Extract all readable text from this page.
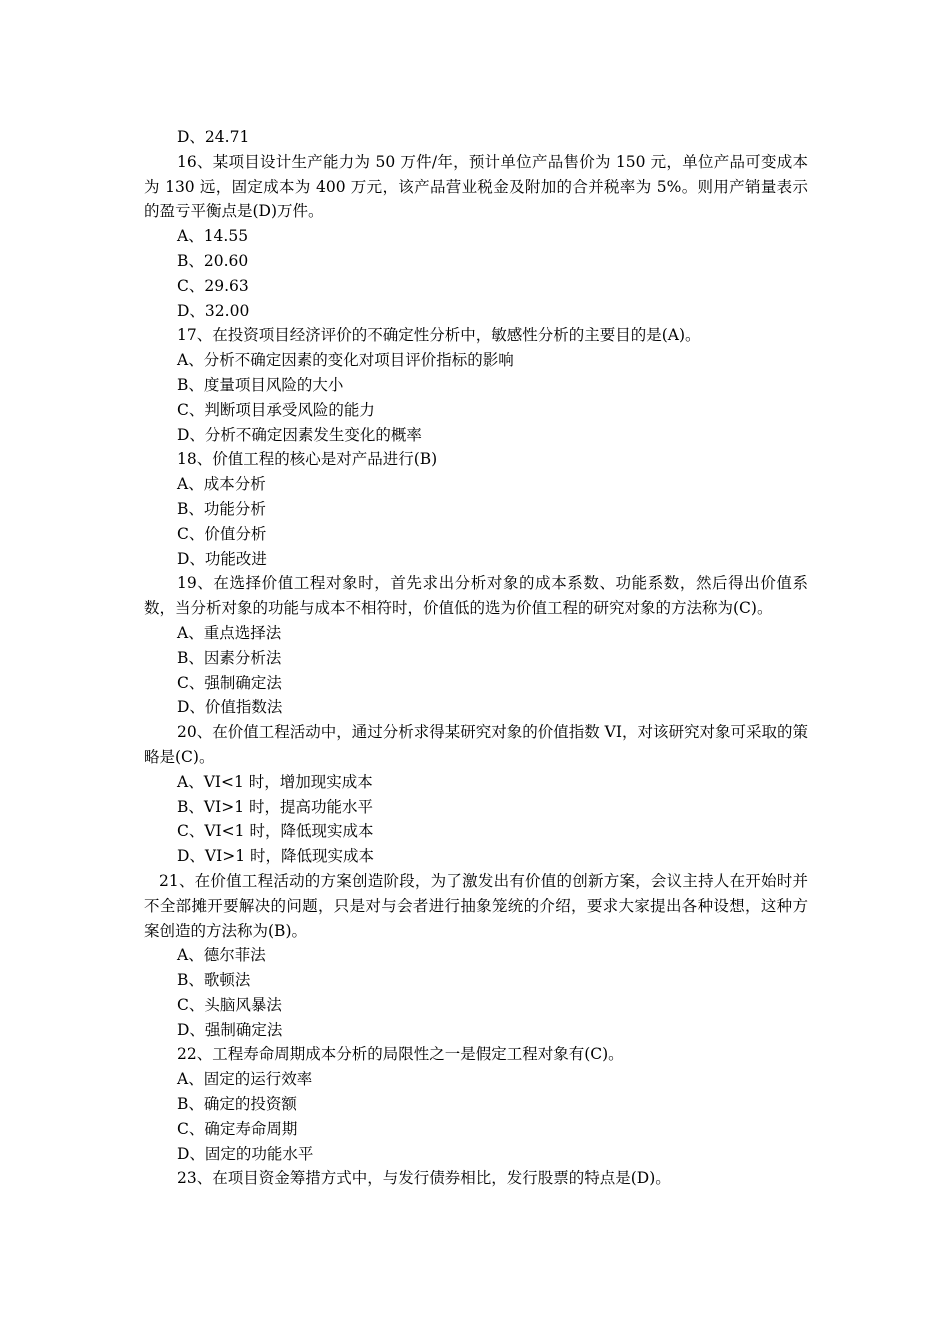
D、24.71

16、某项目设计生产能力为 50 万件/年，预计单位产品售价为 150 元，单位产品可变成本为 130 远，固定成本为 400 万元，该产品营业税金及附加的合并税率为 5%。则用产销量表示的盈亏平衡点是(D)万件。

A、14.55

B、20.60

C、29.63

D、32.00

17、在投资项目经济评价的不确定性分析中，敏感性分析的主要目的是(A)。

A、分析不确定因素的变化对项目评价指标的影响

B、度量项目风险的大小

C、判断项目承受风险的能力

D、分析不确定因素发生变化的概率

18、价值工程的核心是对产品进行(B)

A、成本分析

B、功能分析

C、价值分析

D、功能改进

19、在选择价值工程对象时，首先求出分析对象的成本系数、功能系数，然后得出价值系数，当分析对象的功能与成本不相符时，价值低的选为价值工程的研究对象的方法称为(C)。

A、重点选择法

B、因素分析法

C、强制确定法

D、价值指数法

20、在价值工程活动中，通过分析求得某研究对象的价值指数 VI，对该研究对象可采取的策略是(C)。

A、VI<1 时，增加现实成本

B、VI>1 时，提高功能水平

C、VI<1 时，降低现实成本

D、VI>1 时，降低现实成本

21、在价值工程活动的方案创造阶段，为了激发出有价值的创新方案，会议主持人在开始时并不全部摊开要解决的问题，只是对与会者进行抽象笼统的介绍，要求大家提出各种设想，这种方案创造的方法称为(B)。

A、德尔菲法

B、歌顿法

C、头脑风暴法

D、强制确定法

22、工程寿命周期成本分析的局限性之一是假定工程对象有(C)。

A、固定的运行效率

B、确定的投资额

C、确定寿命周期

D、固定的功能水平

23、在项目资金筹措方式中，与发行债券相比，发行股票的特点是(D)。
